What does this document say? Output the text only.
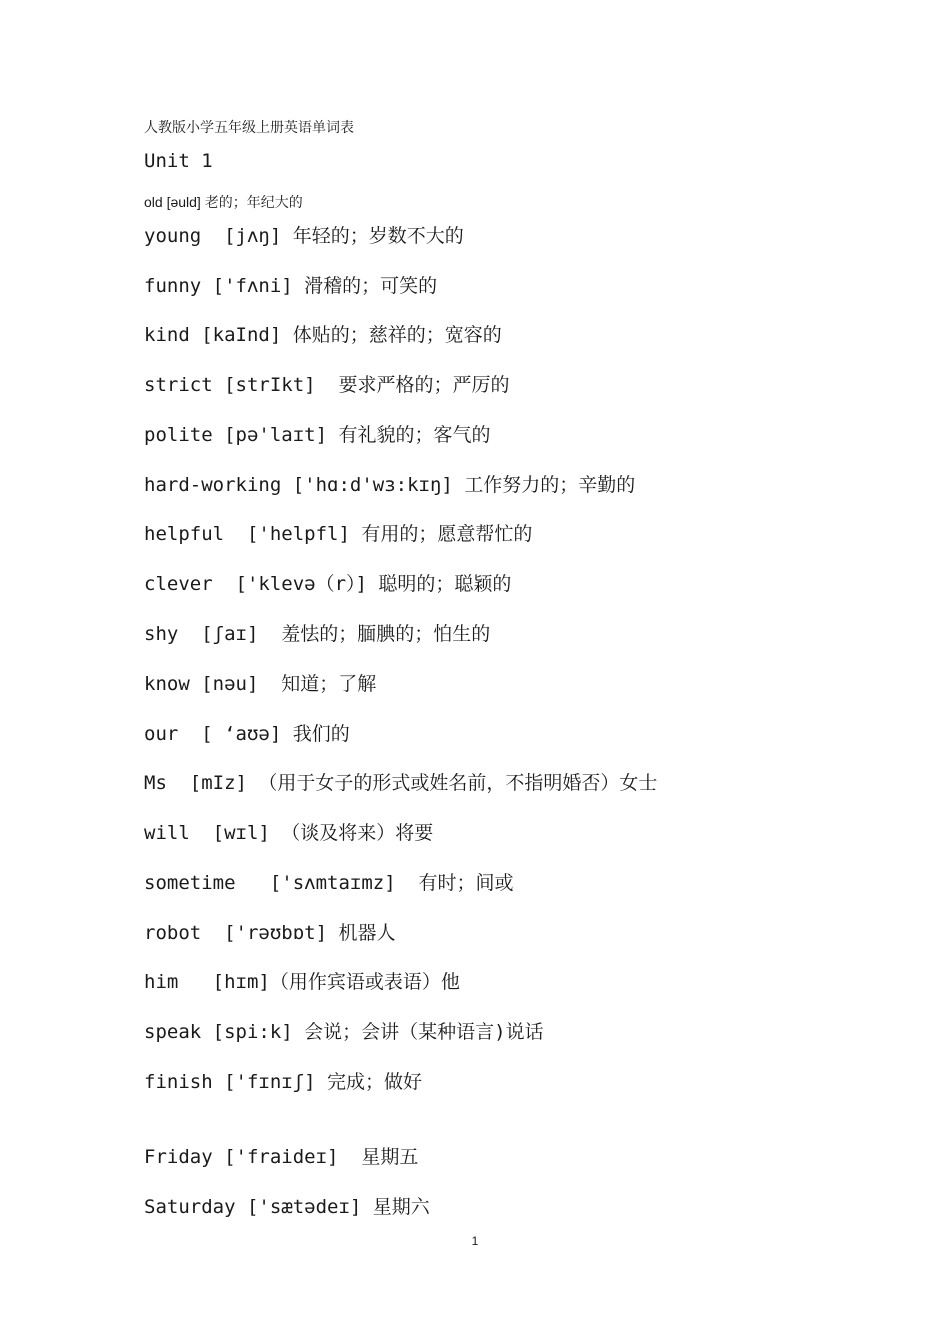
人教版小学五年级上册英语单词表
Unit 1
old [əuld] 老的；年纪大的
young  [jʌŋ] 年轻的；岁数不大的
funny ['fʌni] 滑稽的；可笑的
kind [kaInd] 体贴的；慈祥的；宽容的
strict [strIkt]  要求严格的；严厉的
polite [pə'laɪt] 有礼貌的；客气的
hard-working ['hɑ:d'wɜ:kɪŋ] 工作努力的；辛勤的
helpful  ['helpfl] 有用的；愿意帮忙的
clever  ['klevə（r）] 聪明的；聪颖的
shy  [ʃaɪ]  羞怯的；腼腆的；怕生的
know [nəu]  知道；了解
our  [ ‘aʊə] 我们的
Ms  [mIz] （用于女子的形式或姓名前，不指明婚否）女士
will  [wɪl] （谈及将来）将要
sometime   ['sʌmtaɪmz]  有时；间或
robot  ['rəʊbɒt] 机器人
him   [hɪm]（用作宾语或表语）他
speak [spi:k] 会说；会讲（某种语言)说话
finish ['fɪnɪʃ] 完成；做好
Friday ['fraideɪ]  星期五
Saturday ['sætədeɪ] 星期六
1
